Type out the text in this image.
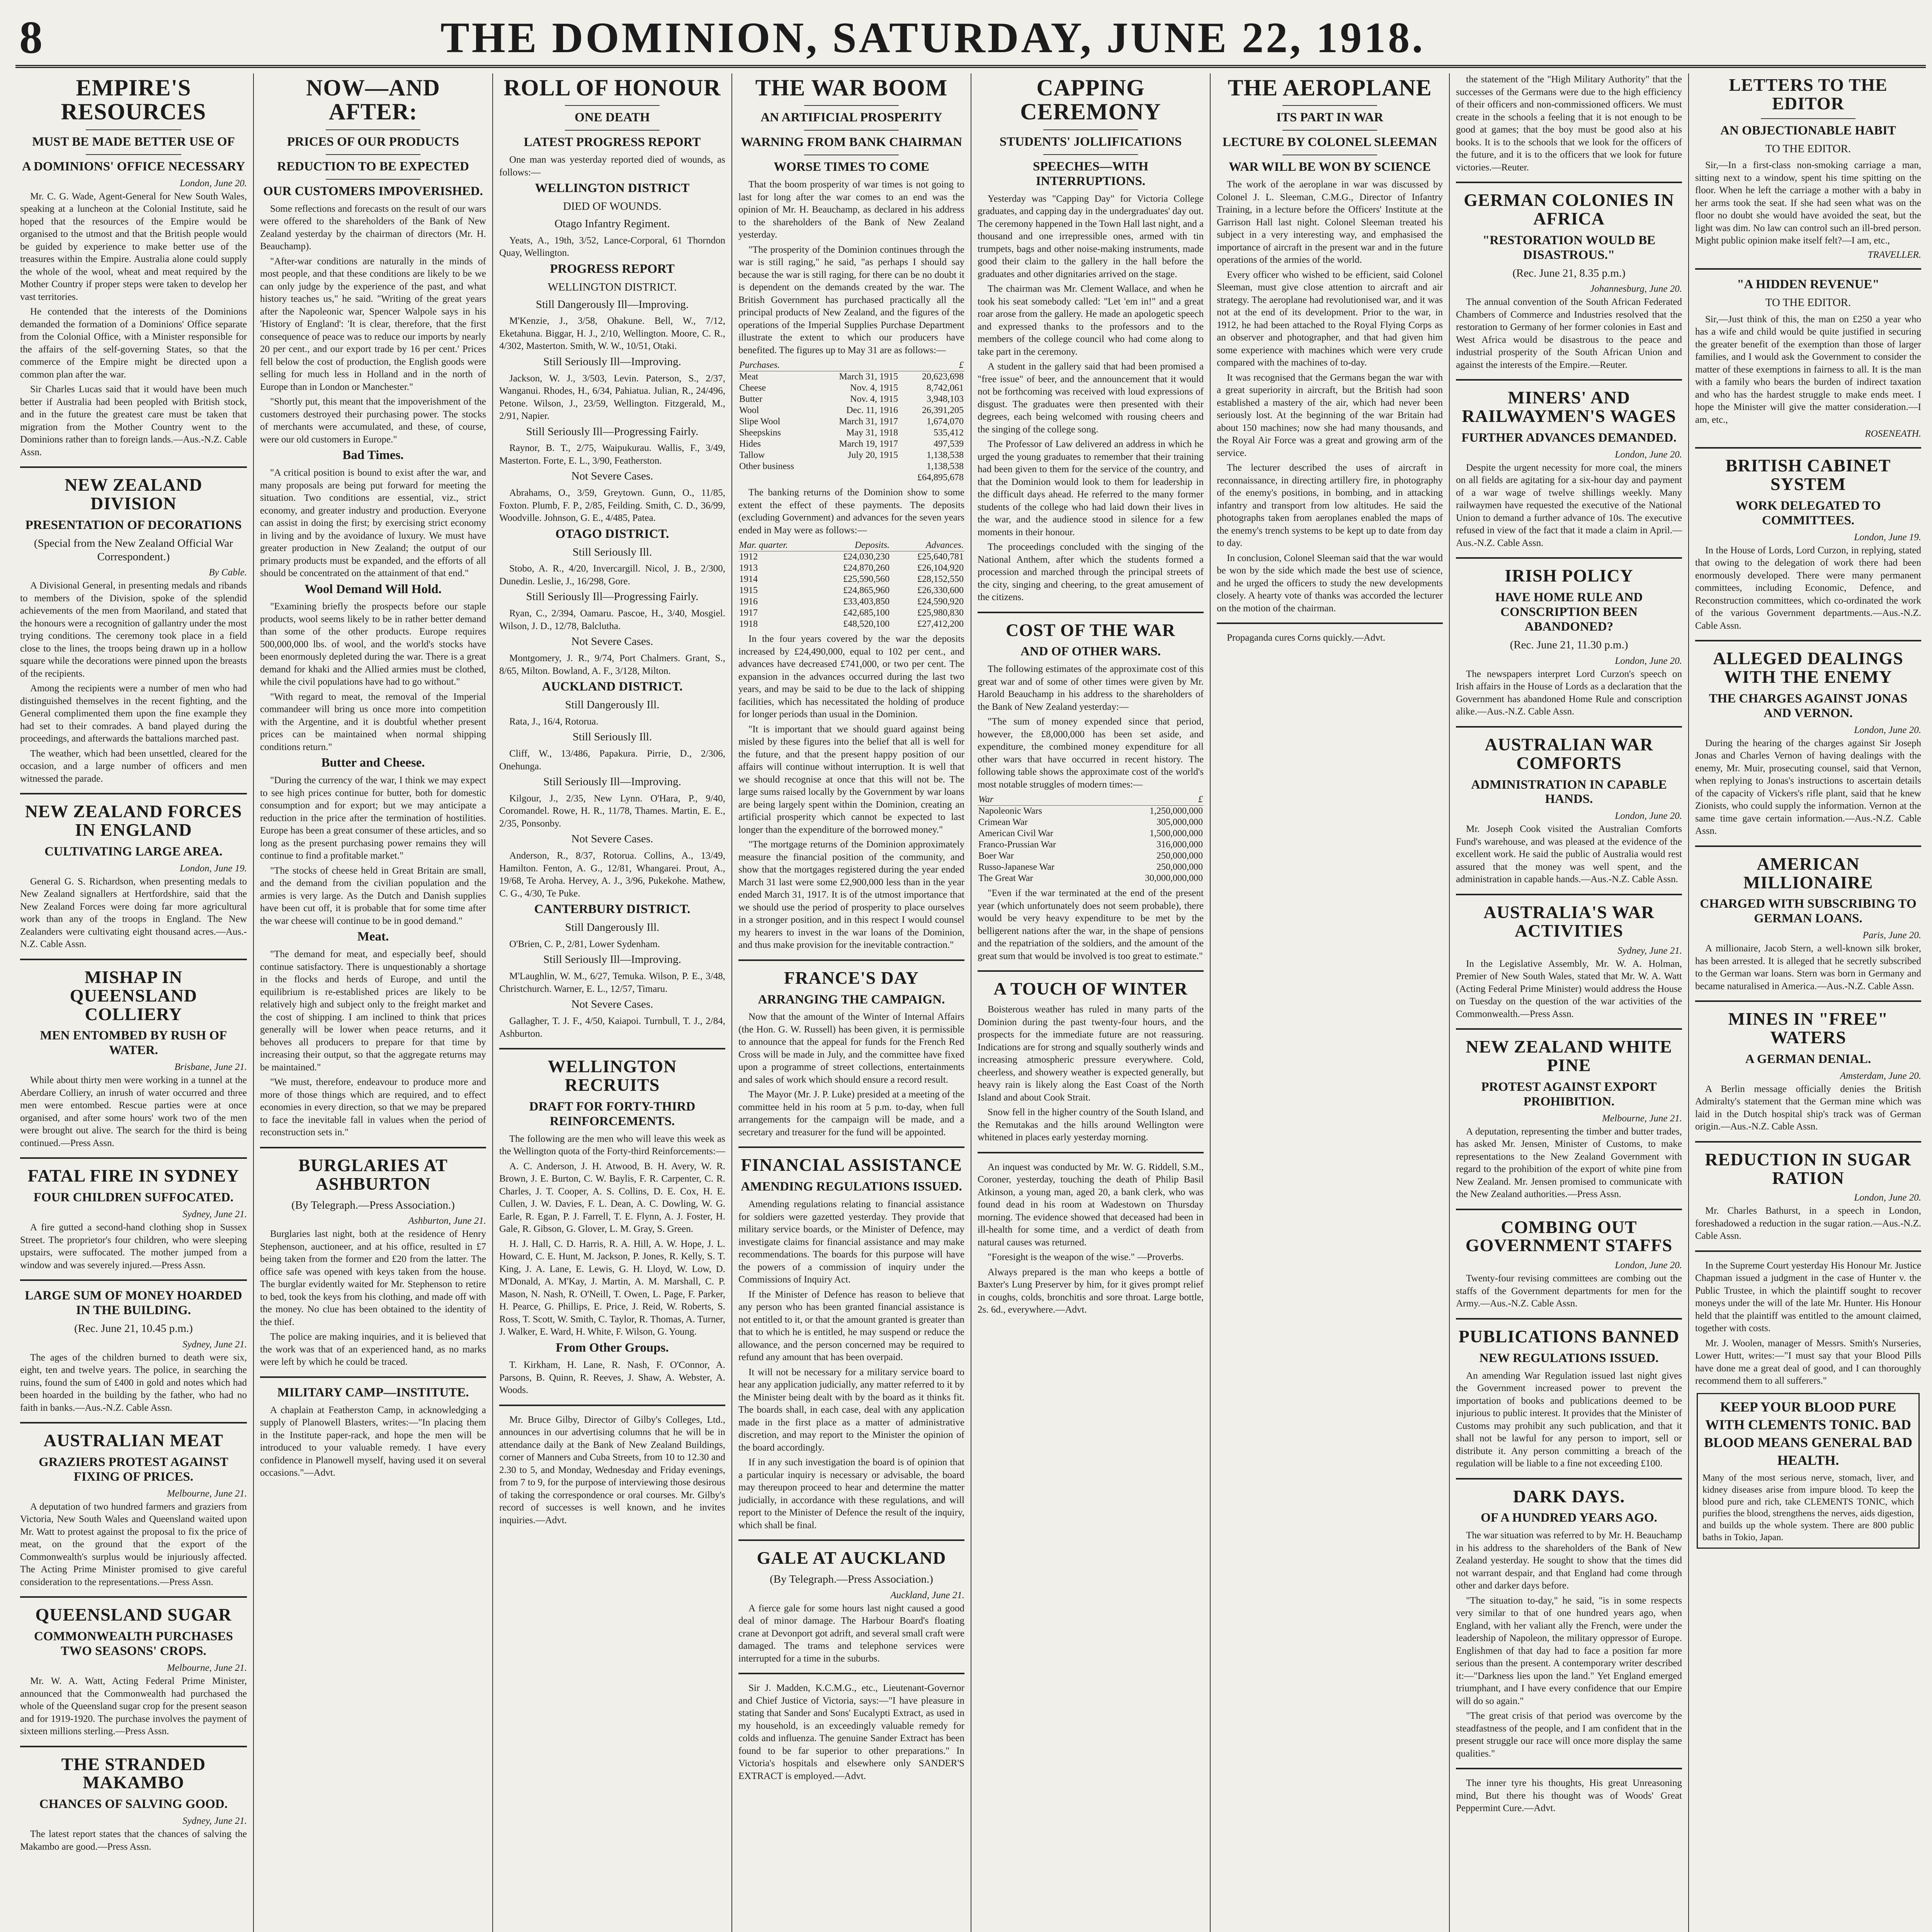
8	THE DOMINION, SATURDAY, JUNE 22, 1918.
EMPIRE'S RESOURCES
MUST BE MADE BETTER USE OF
A DOMINIONS' OFFICE NECESSARY
London, June 20.
Mr. C. G. Wade, Agent-General for New South Wales, speaking at a luncheon at the Colonial Institute, said he hoped that the resources of the Empire would be organised to the utmost and that the British people would be guided by experience to make better use of the treasures within the Empire. Australia alone could supply the whole of the wool, wheat and meat required by the Mother Country if proper steps were taken to develop her vast territories.
He contended that the interests of the Dominions demanded the formation of a Dominions' Office separate from the Colonial Office, with a Minister responsible for the affairs of the self-governing States, so that the commerce of the Empire might be directed upon a common plan after the war.
Sir Charles Lucas said that it would have been much better if Australia had been peopled with British stock, and in the future the greatest care must be taken that migration from the Mother Country went to the Dominions rather than to foreign lands.—Aus.-N.Z. Cable Assn.
NEW ZEALAND DIVISION
PRESENTATION OF DECORATIONS
(Special from the New Zealand Official War Correspondent.)
By Cable.
A Divisional General, in presenting medals and ribands to members of the Division, spoke of the splendid achievements of the men from Maoriland, and stated that the honours were a recognition of gallantry under the most trying conditions. The ceremony took place in a field close to the lines, the troops being drawn up in a hollow square while the decorations were pinned upon the breasts of the recipients.
Among the recipients were a number of men who had distinguished themselves in the recent fighting, and the General complimented them upon the fine example they had set to their comrades. A band played during the proceedings, and afterwards the battalions marched past.
The weather, which had been unsettled, cleared for the occasion, and a large number of officers and men witnessed the parade.
NEW ZEALAND FORCES IN ENGLAND
CULTIVATING LARGE AREA.
London, June 19.
General G. S. Richardson, when presenting medals to New Zealand signallers at Hertfordshire, said that the New Zealand Forces were doing far more agricultural work than any of the troops in England. The New Zealanders were cultivating eight thousand acres.—Aus.-N.Z. Cable Assn.
MISHAP IN QUEENSLAND COLLIERY
MEN ENTOMBED BY RUSH OF WATER.
Brisbane, June 21.
While about thirty men were working in a tunnel at the Aberdare Colliery, an inrush of water occurred and three men were entombed. Rescue parties were at once organised, and after some hours' work two of the men were brought out alive. The search for the third is being continued.—Press Assn.
FATAL FIRE IN SYDNEY
FOUR CHILDREN SUFFOCATED.
Sydney, June 21.
A fire gutted a second-hand clothing shop in Sussex Street. The proprietor's four children, who were sleeping upstairs, were suffocated. The mother jumped from a window and was severely injured.—Press Assn.
LARGE SUM OF MONEY HOARDED IN THE BUILDING.
(Rec. June 21, 10.45 p.m.)
Sydney, June 21.
The ages of the children burned to death were six, eight, ten and twelve years. The police, in searching the ruins, found the sum of £400 in gold and notes which had been hoarded in the building by the father, who had no faith in banks.—Aus.-N.Z. Cable Assn.
AUSTRALIAN MEAT
GRAZIERS PROTEST AGAINST FIXING OF PRICES.
Melbourne, June 21.
A deputation of two hundred farmers and graziers from Victoria, New South Wales and Queensland waited upon Mr. Watt to protest against the proposal to fix the price of meat, on the ground that the export of the Commonwealth's surplus would be injuriously affected. The Acting Prime Minister promised to give careful consideration to the representations.—Press Assn.
QUEENSLAND SUGAR
COMMONWEALTH PURCHASES TWO SEASONS' CROPS.
Melbourne, June 21.
Mr. W. A. Watt, Acting Federal Prime Minister, announced that the Commonwealth had purchased the whole of the Queensland sugar crop for the present season and for 1919-1920. The purchase involves the payment of sixteen millions sterling.—Press Assn.
THE STRANDED MAKAMBO
CHANCES OF SALVING GOOD.
Sydney, June 21.
The latest report states that the chances of salving the Makambo are good.—Press Assn.
NOW—AND AFTER:
PRICES OF OUR PRODUCTS
REDUCTION TO BE EXPECTED
OUR CUSTOMERS IMPOVERISHED.
Some reflections and forecasts on the result of our wars were offered to the shareholders of the Bank of New Zealand yesterday by the chairman of directors (Mr. H. Beauchamp).
"After-war conditions are naturally in the minds of most people, and that these conditions are likely to be we can only judge by the experience of the past, and what history teaches us," he said. "Writing of the great years after the Napoleonic war, Spencer Walpole says in his 'History of England': 'It is clear, therefore, that the first consequence of peace was to reduce our imports by nearly 20 per cent., and our export trade by 16 per cent.' Prices fell below the cost of production, the English goods were selling for much less in Holland and in the north of Europe than in London or Manchester."
"Shortly put, this meant that the impoverishment of the customers destroyed their purchasing power. The stocks of merchants were accumulated, and these, of course, were our old customers in Europe."
Bad Times.
"A critical position is bound to exist after the war, and many proposals are being put forward for meeting the situation. Two conditions are essential, viz., strict economy, and greater industry and production. Everyone can assist in doing the first; by exercising strict economy in living and by the avoidance of luxury. We must have greater production in New Zealand; the output of our primary products must be expanded, and the efforts of all should be concentrated on the attainment of that end."
Wool Demand Will Hold.
"Examining briefly the prospects before our staple products, wool seems likely to be in rather better demand than some of the other products. Europe requires 500,000,000 lbs. of wool, and the world's stocks have been enormously depleted during the war. There is a great demand for khaki and the Allied armies must be clothed, while the civil populations have had to go without."
"With regard to meat, the removal of the Imperial commandeer will bring us once more into competition with the Argentine, and it is doubtful whether present prices can be maintained when normal shipping conditions return."
Butter and Cheese.
"During the currency of the war, I think we may expect to see high prices continue for butter, both for domestic consumption and for export; but we may anticipate a reduction in the price after the termination of hostilities. Europe has been a great consumer of these articles, and so long as the present purchasing power remains they will continue to find a profitable market."
"The stocks of cheese held in Great Britain are small, and the demand from the civilian population and the armies is very large. As the Dutch and Danish supplies have been cut off, it is probable that for some time after the war cheese will continue to be in good demand."
Meat.
"The demand for meat, and especially beef, should continue satisfactory. There is unquestionably a shortage in the flocks and herds of Europe, and until the equilibrium is re-established prices are likely to be relatively high and subject only to the freight market and the cost of shipping. I am inclined to think that prices generally will be lower when peace returns, and it behoves all producers to prepare for that time by increasing their output, so that the aggregate returns may be maintained."
"We must, therefore, endeavour to produce more and more of those things which are required, and to effect economies in every direction, so that we may be prepared to face the inevitable fall in values when the period of reconstruction sets in."
BURGLARIES AT ASHBURTON
(By Telegraph.—Press Association.)
Ashburton, June 21.
Burglaries last night, both at the residence of Henry Stephenson, auctioneer, and at his office, resulted in £7 being taken from the former and £20 from the latter. The office safe was opened with keys taken from the house. The burglar evidently waited for Mr. Stephenson to retire to bed, took the keys from his clothing, and made off with the money. No clue has been obtained to the identity of the thief.
The police are making inquiries, and it is believed that the work was that of an experienced hand, as no marks were left by which he could be traced.
MILITARY CAMP—INSTITUTE.
A chaplain at Featherston Camp, in acknowledging a supply of Planowell Blasters, writes:—"In placing them in the Institute paper-rack, and hope the men will be introduced to your valuable remedy. I have every confidence in Planowell myself, having used it on several occasions."—Advt.
ROLL OF HONOUR
ONE DEATH
LATEST PROGRESS REPORT
One man was yesterday reported died of wounds, as follows:—
WELLINGTON DISTRICT
DIED OF WOUNDS.
Otago Infantry Regiment.
Yeats, A., 19th, 3/52, Lance-Corporal, 61 Thorndon Quay, Wellington.
PROGRESS REPORT
WELLINGTON DISTRICT.
Still Dangerously Ill—Improving.
M'Kenzie, J., 3/58, Ohakune. Bell, W., 7/12, Eketahuna. Biggar, H. J., 2/10, Wellington. Moore, C. R., 4/302, Masterton. Smith, W. W., 10/51, Otaki.
Still Seriously Ill—Improving.
Jackson, W. J., 3/503, Levin. Paterson, S., 2/37, Wanganui. Rhodes, H., 6/34, Pahiatua. Julian, R., 24/496, Petone. Wilson, J., 23/59, Wellington. Fitzgerald, M., 2/91, Napier.
Still Seriously Ill—Progressing Fairly.
Raynor, B. T., 2/75, Waipukurau. Wallis, F., 3/49, Masterton. Forte, E. L., 3/90, Featherston.
Not Severe Cases.
Abrahams, O., 3/59, Greytown. Gunn, O., 11/85, Foxton. Plumb, F. P., 2/85, Feilding. Smith, C. D., 36/99, Woodville. Johnson, G. E., 4/485, Patea.
OTAGO DISTRICT.
Still Seriously Ill.
Stobo, A. R., 4/20, Invercargill. Nicol, J. B., 2/300, Dunedin. Leslie, J., 16/298, Gore.
Still Seriously Ill—Progressing Fairly.
Ryan, C., 2/394, Oamaru. Pascoe, H., 3/40, Mosgiel. Wilson, J. D., 12/78, Balclutha.
Not Severe Cases.
Montgomery, J. R., 9/74, Port Chalmers. Grant, S., 8/65, Milton. Bowland, A. F., 3/128, Milton.
AUCKLAND DISTRICT.
Still Dangerously Ill.
Rata, J., 16/4, Rotorua.
Still Seriously Ill.
Cliff, W., 13/486, Papakura. Pirrie, D., 2/306, Onehunga.
Still Seriously Ill—Improving.
Kilgour, J., 2/35, New Lynn. O'Hara, P., 9/40, Coromandel. Rowe, H. R., 11/78, Thames. Martin, E. E., 2/35, Ponsonby.
Not Severe Cases.
Anderson, R., 8/37, Rotorua. Collins, A., 13/49, Hamilton. Fenton, A. G., 12/81, Whangarei. Prout, A., 19/68, Te Aroha. Hervey, A. J., 3/96, Pukekohe. Mathew, C. G., 4/30, Te Puke.
CANTERBURY DISTRICT.
Still Dangerously Ill.
O'Brien, C. P., 2/81, Lower Sydenham.
Still Seriously Ill—Improving.
M'Laughlin, W. M., 6/27, Temuka. Wilson, P. E., 3/48, Christchurch. Warner, E. L., 12/57, Timaru.
Not Severe Cases.
Gallagher, T. J. F., 4/50, Kaiapoi. Turnbull, T. J., 2/84, Ashburton.
WELLINGTON RECRUITS
DRAFT FOR FORTY-THIRD REINFORCEMENTS.
The following are the men who will leave this week as the Wellington quota of the Forty-third Reinforcements:—
A. C. Anderson, J. H. Atwood, B. H. Avery, W. R. Brown, J. E. Burton, C. W. Baylis, F. R. Carpenter, C. R. Charles, J. T. Cooper, A. S. Collins, D. E. Cox, H. E. Cullen, J. W. Davies, F. L. Dean, A. C. Dowling, W. G. Earle, R. Egan, P. J. Farrell, T. E. Flynn, A. J. Foster, H. Gale, R. Gibson, G. Glover, L. M. Gray, S. Green.
H. J. Hall, C. D. Harris, R. A. Hill, A. W. Hope, J. L. Howard, C. E. Hunt, M. Jackson, P. Jones, R. Kelly, S. T. King, J. A. Lane, E. Lewis, G. H. Lloyd, W. Low, D. M'Donald, A. M'Kay, J. Martin, A. M. Marshall, C. P. Mason, N. Nash, R. O'Neill, T. Owen, L. Page, F. Parker, H. Pearce, G. Phillips, E. Price, J. Reid, W. Roberts, S. Ross, T. Scott, W. Smith, C. Taylor, R. Thomas, A. Turner, J. Walker, E. Ward, H. White, F. Wilson, G. Young.
From Other Groups.
T. Kirkham, H. Lane, R. Nash, F. O'Connor, A. Parsons, B. Quinn, R. Reeves, J. Shaw, A. Webster, A. Woods.
Mr. Bruce Gilby, Director of Gilby's Colleges, Ltd., announces in our advertising columns that he will be in attendance daily at the Bank of New Zealand Buildings, corner of Manners and Cuba Streets, from 10 to 12.30 and 2.30 to 5, and Monday, Wednesday and Friday evenings, from 7 to 9, for the purpose of interviewing those desirous of taking the correspondence or oral courses. Mr. Gilby's record of successes is well known, and he invites inquiries.—Advt.
THE WAR BOOM
AN ARTIFICIAL PROSPERITY
WARNING FROM BANK CHAIRMAN
WORSE TIMES TO COME
That the boom prosperity of war times is not going to last for long after the war comes to an end was the opinion of Mr. H. Beauchamp, as declared in his address to the shareholders of the Bank of New Zealand yesterday.
"The prosperity of the Dominion continues through the war is still raging," he said, "as perhaps I should say because the war is still raging, for there can be no doubt it is dependent on the demands created by the war. The British Government has purchased practically all the principal products of New Zealand, and the figures of the operations of the Imperial Supplies Purchase Department illustrate the extent to which our producers have benefited. The figures up to May 31 are as follows:—
Purchases.		£
Meat	March 31, 1915	20,623,698
Cheese	Nov. 4, 1915	8,742,061
Butter	Nov. 4, 1915	3,948,103
Wool	Dec. 11, 1916	26,391,205
Slipe Wool	March 31, 1917	1,674,070
Sheepskins	May 31, 1918	535,412
Hides	March 19, 1917	497,539
Tallow	July 20, 1915	1,138,538
Other business		1,138,538
		£64,895,678
The banking returns of the Dominion show to some extent the effect of these payments. The deposits (excluding Government) and advances for the seven years ended in May were as follows:—
Mar. quarter.	Deposits.	Advances.
1912	£24,030,230	£25,640,781
1913	£24,870,260	£26,104,920
1914	£25,590,560	£28,152,550
1915	£24,865,960	£26,330,600
1916	£33,403,850	£24,590,920
1917	£42,685,100	£25,980,830
1918	£48,520,100	£27,412,200
In the four years covered by the war the deposits increased by £24,490,000, equal to 102 per cent., and advances have decreased £741,000, or two per cent. The expansion in the advances occurred during the last two years, and may be said to be due to the lack of shipping facilities, which has necessitated the holding of produce for longer periods than usual in the Dominion.
"It is important that we should guard against being misled by these figures into the belief that all is well for the future, and that the present happy position of our affairs will continue without interruption. It is well that we should recognise at once that this will not be. The large sums raised locally by the Government by war loans are being largely spent within the Dominion, creating an artificial prosperity which cannot be expected to last longer than the expenditure of the borrowed money."
"The mortgage returns of the Dominion approximately measure the financial position of the community, and show that the mortgages registered during the year ended March 31 last were some £2,900,000 less than in the year ended March 31, 1917. It is of the utmost importance that we should use the period of prosperity to place ourselves in a stronger position, and in this respect I would counsel my hearers to invest in the war loans of the Dominion, and thus make provision for the inevitable contraction."
FRANCE'S DAY
ARRANGING THE CAMPAIGN.
Now that the amount of the Winter of Internal Affairs (the Hon. G. W. Russell) has been given, it is permissible to announce that the appeal for funds for the French Red Cross will be made in July, and the committee have fixed upon a programme of street collections, entertainments and sales of work which should ensure a record result.
The Mayor (Mr. J. P. Luke) presided at a meeting of the committee held in his room at 5 p.m. to-day, when full arrangements for the campaign will be made, and a secretary and treasurer for the fund will be appointed.
FINANCIAL ASSISTANCE
AMENDING REGULATIONS ISSUED.
Amending regulations relating to financial assistance for soldiers were gazetted yesterday. They provide that military service boards, or the Minister of Defence, may investigate claims for financial assistance and may make recommendations. The boards for this purpose will have the powers of a commission of inquiry under the Commissions of Inquiry Act.
If the Minister of Defence has reason to believe that any person who has been granted financial assistance is not entitled to it, or that the amount granted is greater than that to which he is entitled, he may suspend or reduce the allowance, and the person concerned may be required to refund any amount that has been overpaid.
It will not be necessary for a military service board to hear any application judicially, any matter referred to it by the Minister being dealt with by the board as it thinks fit. The boards shall, in each case, deal with any application made in the first place as a matter of administrative discretion, and may report to the Minister the opinion of the board accordingly.
If in any such investigation the board is of opinion that a particular inquiry is necessary or advisable, the board may thereupon proceed to hear and determine the matter judicially, in accordance with these regulations, and will report to the Minister of Defence the result of the inquiry, which shall be final.
GALE AT AUCKLAND
(By Telegraph.—Press Association.)
Auckland, June 21.
A fierce gale for some hours last night caused a good deal of minor damage. The Harbour Board's floating crane at Devonport got adrift, and several small craft were damaged. The trams and telephone services were interrupted for a time in the suburbs.
Sir J. Madden, K.C.M.G., etc., Lieutenant-Governor and Chief Justice of Victoria, says:—"I have pleasure in stating that Sander and Sons' Eucalypti Extract, as used in my household, is an exceedingly valuable remedy for colds and influenza. The genuine Sander Extract has been found to be far superior to other preparations." In Victoria's hospitals and elsewhere only SANDER'S EXTRACT is employed.—Advt.
CAPPING CEREMONY
STUDENTS' JOLLIFICATIONS
SPEECHES—WITH INTERRUPTIONS.
Yesterday was "Capping Day" for Victoria College graduates, and capping day in the undergraduates' day out. The ceremony happened in the Town Hall last night, and a thousand and one irrepressible ones, armed with tin trumpets, bags and other noise-making instruments, made good their claim to the gallery in the hall before the graduates and other dignitaries arrived on the stage.
The chairman was Mr. Clement Wallace, and when he took his seat somebody called: "Let 'em in!" and a great roar arose from the gallery. He made an apologetic speech and expressed thanks to the professors and to the members of the college council who had come along to take part in the ceremony.
A student in the gallery said that had been promised a "free issue" of beer, and the announcement that it would not be forthcoming was received with loud expressions of disgust. The graduates were then presented with their degrees, each being welcomed with rousing cheers and the singing of the college song.
The Professor of Law delivered an address in which he urged the young graduates to remember that their training had been given to them for the service of the country, and that the Dominion would look to them for leadership in the difficult days ahead. He referred to the many former students of the college who had laid down their lives in the war, and the audience stood in silence for a few moments in their honour.
The proceedings concluded with the singing of the National Anthem, after which the students formed a procession and marched through the principal streets of the city, singing and cheering, to the great amusement of the citizens.
COST OF THE WAR
AND OF OTHER WARS.
The following estimates of the approximate cost of this great war and of some of other times were given by Mr. Harold Beauchamp in his address to the shareholders of the Bank of New Zealand yesterday:—
"The sum of money expended since that period, however, the £8,000,000 has been set aside, and expenditure, the combined money expenditure for all other wars that have occurred in recent history. The following table shows the approximate cost of the world's most notable struggles of modern times:—
War		£
Napoleonic Wars		1,250,000,000
Crimean War		305,000,000
American Civil War		1,500,000,000
Franco-Prussian War		316,000,000
Boer War		250,000,000
Russo-Japanese War		250,000,000
The Great War		30,000,000,000
"Even if the war terminated at the end of the present year (which unfortunately does not seem probable), there would be very heavy expenditure to be met by the belligerent nations after the war, in the shape of pensions and the repatriation of the soldiers, and the amount of the great sum that would be involved is too great to estimate."
A TOUCH OF WINTER
Boisterous weather has ruled in many parts of the Dominion during the past twenty-four hours, and the prospects for the immediate future are not reassuring. Indications are for strong and squally southerly winds and increasing atmospheric pressure everywhere. Cold, cheerless, and showery weather is expected generally, but heavy rain is likely along the East Coast of the North Island and about Cook Strait.
Snow fell in the higher country of the South Island, and the Remutakas and the hills around Wellington were whitened in places early yesterday morning.
An inquest was conducted by Mr. W. G. Riddell, S.M., Coroner, yesterday, touching the death of Philip Basil Atkinson, a young man, aged 20, a bank clerk, who was found dead in his room at Wadestown on Thursday morning. The evidence showed that deceased had been in ill-health for some time, and a verdict of death from natural causes was returned.
"Foresight is the weapon of the wise." —Proverbs.
Always prepared is the man who keeps a bottle of Baxter's Lung Preserver by him, for it gives prompt relief in coughs, colds, bronchitis and sore throat. Large bottle, 2s. 6d., everywhere.—Advt.
THE AEROPLANE
ITS PART IN WAR
LECTURE BY COLONEL SLEEMAN
WAR WILL BE WON BY SCIENCE
The work of the aeroplane in war was discussed by Colonel J. L. Sleeman, C.M.G., Director of Infantry Training, in a lecture before the Officers' Institute at the Garrison Hall last night. Colonel Sleeman treated his subject in a very interesting way, and emphasised the importance of aircraft in the present war and in the future operations of the armies of the world.
Every officer who wished to be efficient, said Colonel Sleeman, must give close attention to aircraft and air strategy. The aeroplane had revolutionised war, and it was not at the end of its development. Prior to the war, in 1912, he had been attached to the Royal Flying Corps as an observer and photographer, and that had given him some experience with machines which were very crude compared with the machines of to-day.
It was recognised that the Germans began the war with a great superiority in aircraft, but the British had soon established a mastery of the air, which had never been seriously lost. At the beginning of the war Britain had about 150 machines; now she had many thousands, and the Royal Air Force was a great and growing arm of the service.
The lecturer described the uses of aircraft in reconnaissance, in directing artillery fire, in photography of the enemy's positions, in bombing, and in attacking infantry and transport from low altitudes. He said the photographs taken from aeroplanes enabled the maps of the enemy's trench systems to be kept up to date from day to day.
In conclusion, Colonel Sleeman said that the war would be won by the side which made the best use of science, and he urged the officers to study the new developments closely. A hearty vote of thanks was accorded the lecturer on the motion of the chairman.
Propaganda cures Corns quickly.—Advt.
the statement of the "High Military Authority" that the successes of the Germans were due to the high efficiency of their officers and non-commissioned officers. We must create in the schools a feeling that it is not enough to be good at games; that the boy must be good also at his books. It is to the schools that we look for the officers of the future, and it is to the officers that we look for future victories.—Reuter.
GERMAN COLONIES IN AFRICA
"RESTORATION WOULD BE DISASTROUS."
(Rec. June 21, 8.35 p.m.)
Johannesburg, June 20.
The annual convention of the South African Federated Chambers of Commerce and Industries resolved that the restoration to Germany of her former colonies in East and West Africa would be disastrous to the peace and industrial prosperity of the South African Union and against the interests of the Empire.—Reuter.
MINERS' AND RAILWAYMEN'S WAGES
FURTHER ADVANCES DEMANDED.
London, June 20.
Despite the urgent necessity for more coal, the miners on all fields are agitating for a six-hour day and payment of a war wage of twelve shillings weekly. Many railwaymen have requested the executive of the National Union to demand a further advance of 10s. The executive refused in view of the fact that it made a claim in April.—Aus.-N.Z. Cable Assn.
IRISH POLICY
HAVE HOME RULE AND CONSCRIPTION BEEN ABANDONED?
(Rec. June 21, 11.30 p.m.)
London, June 20.
The newspapers interpret Lord Curzon's speech on Irish affairs in the House of Lords as a declaration that the Government has abandoned Home Rule and conscription alike.—Aus.-N.Z. Cable Assn.
AUSTRALIAN WAR COMFORTS
ADMINISTRATION IN CAPABLE HANDS.
London, June 20.
Mr. Joseph Cook visited the Australian Comforts Fund's warehouse, and was pleased at the evidence of the excellent work. He said the public of Australia would rest assured that the money was well spent, and the administration in capable hands.—Aus.-N.Z. Cable Assn.
AUSTRALIA'S WAR ACTIVITIES
Sydney, June 21.
In the Legislative Assembly, Mr. W. A. Holman, Premier of New South Wales, stated that Mr. W. A. Watt (Acting Federal Prime Minister) would address the House on Tuesday on the question of the war activities of the Commonwealth.—Press Assn.
NEW ZEALAND WHITE PINE
PROTEST AGAINST EXPORT PROHIBITION.
Melbourne, June 21.
A deputation, representing the timber and butter trades, has asked Mr. Jensen, Minister of Customs, to make representations to the New Zealand Government with regard to the prohibition of the export of white pine from New Zealand. Mr. Jensen promised to communicate with the New Zealand authorities.—Press Assn.
COMBING OUT GOVERNMENT STAFFS
London, June 20.
Twenty-four revising committees are combing out the staffs of the Government departments for men for the Army.—Aus.-N.Z. Cable Assn.
PUBLICATIONS BANNED
NEW REGULATIONS ISSUED.
An amending War Regulation issued last night gives the Government increased power to prevent the importation of books and publications deemed to be injurious to public interest. It provides that the Minister of Customs may prohibit any such publication, and that it shall not be lawful for any person to import, sell or distribute it. Any person committing a breach of the regulation will be liable to a fine not exceeding £100.
DARK DAYS.
OF A HUNDRED YEARS AGO.
The war situation was referred to by Mr. H. Beauchamp in his address to the shareholders of the Bank of New Zealand yesterday. He sought to show that the times did not warrant despair, and that England had come through other and darker days before.
"The situation to-day," he said, "is in some respects very similar to that of one hundred years ago, when England, with her valiant ally the French, were under the leadership of Napoleon, the military oppressor of Europe. Englishmen of that day had to face a position far more serious than the present. A contemporary writer described it:—"Darkness lies upon the land." Yet England emerged triumphant, and I have every confidence that our Empire will do so again."
"The great crisis of that period was overcome by the steadfastness of the people, and I am confident that in the present struggle our race will once more display the same qualities."
The inner tyre his thoughts, His great Unreasoning mind, But there his thought was of Woods' Great Peppermint Cure.—Advt.
LETTERS TO THE EDITOR
AN OBJECTIONABLE HABIT
TO THE EDITOR.
Sir,—In a first-class non-smoking carriage a man, sitting next to a window, spent his time spitting on the floor. When he left the carriage a mother with a baby in her arms took the seat. If she had seen what was on the floor no doubt she would have avoided the seat, but the light was dim. No law can control such an ill-bred person. Might public opinion make itself felt?—I am, etc.,
TRAVELLER.
"A HIDDEN REVENUE"
TO THE EDITOR.
Sir,—Just think of this, the man on £250 a year who has a wife and child would be quite justified in securing the greater benefit of the exemption than those of larger families, and I would ask the Government to consider the matter of these exemptions in fairness to all. It is the man with a family who bears the burden of indirect taxation and who has the hardest struggle to make ends meet. I hope the Minister will give the matter consideration.—I am, etc.,
ROSENEATH.
BRITISH CABINET SYSTEM
WORK DELEGATED TO COMMITTEES.
London, June 19.
In the House of Lords, Lord Curzon, in replying, stated that owing to the delegation of work there had been enormously developed. There were many permanent committees, including Economic, Defence, and Reconstruction committees, which co-ordinated the work of the various Government departments.—Aus.-N.Z. Cable Assn.
ALLEGED DEALINGS WITH THE ENEMY
THE CHARGES AGAINST JONAS AND VERNON.
London, June 20.
During the hearing of the charges against Sir Joseph Jonas and Charles Vernon of having dealings with the enemy, Mr. Muir, prosecuting counsel, said that Vernon, when replying to Jonas's instructions to ascertain details of the capacity of Vickers's rifle plant, said that he knew Zionists, who could supply the information. Vernon at the same time gave certain information.—Aus.-N.Z. Cable Assn.
AMERICAN MILLIONAIRE
CHARGED WITH SUBSCRIBING TO GERMAN LOANS.
Paris, June 20.
A millionaire, Jacob Stern, a well-known silk broker, has been arrested. It is alleged that he secretly subscribed to the German war loans. Stern was born in Germany and became naturalised in America.—Aus.-N.Z. Cable Assn.
MINES IN "FREE" WATERS
A GERMAN DENIAL.
Amsterdam, June 20.
A Berlin message officially denies the British Admiralty's statement that the German mine which was laid in the Dutch hospital ship's track was of German origin.—Aus.-N.Z. Cable Assn.
REDUCTION IN SUGAR RATION
London, June 20.
Mr. Charles Bathurst, in a speech in London, foreshadowed a reduction in the sugar ration.—Aus.-N.Z. Cable Assn.
In the Supreme Court yesterday His Honour Mr. Justice Chapman issued a judgment in the case of Hunter v. the Public Trustee, in which the plaintiff sought to recover moneys under the will of the late Mr. Hunter. His Honour held that the plaintiff was entitled to the amount claimed, together with costs.
Mr. J. Woolen, manager of Messrs. Smith's Nurseries, Lower Hutt, writes:—"I must say that your Blood Pills have done me a great deal of good, and I can thoroughly recommend them to all sufferers."
KEEP YOUR BLOOD PURE WITH CLEMENTS TONIC. BAD BLOOD MEANS GENERAL BAD HEALTH.
Many of the most serious nerve, stomach, liver, and kidney diseases arise from impure blood. To keep the blood pure and rich, take CLEMENTS TONIC, which purifies the blood, strengthens the nerves, aids digestion, and builds up the whole system. There are 800 public baths in Tokio, Japan.
